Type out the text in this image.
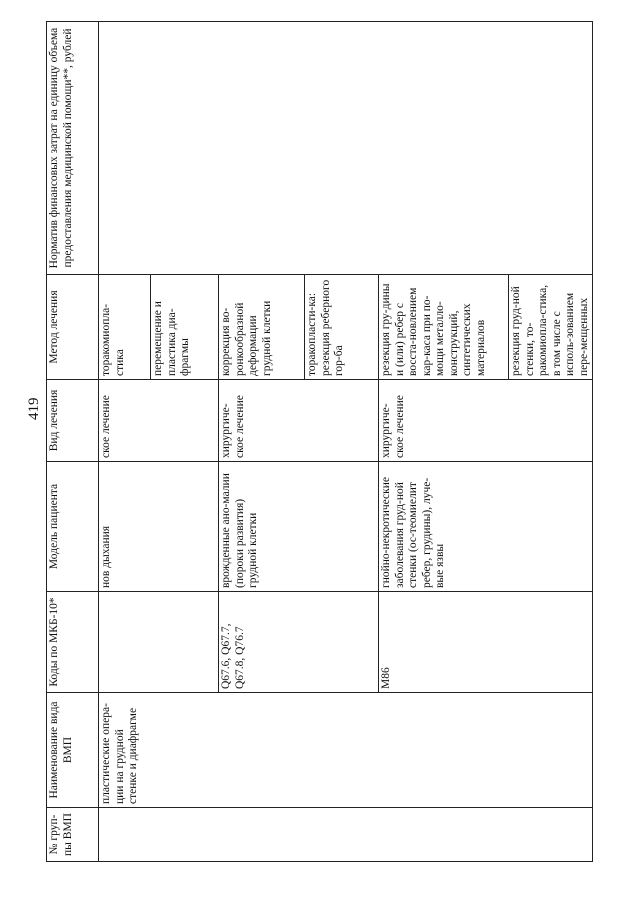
419
№ груп-пы ВМП	Наименование вида ВМП	Коды по МКБ-10*	Модель пациента	Вид лечения	Метод лечения	Норматив финансовых затрат на единицу объема предоставления медицинской помощи**, рублей
	пластические опера-ции на грудной стенке и диафрагме		нов дыхания	ское лечение	торакомиопла-стика	
					перемещение и пластика диа-фрагмы	
		Q67.6, Q67.7, Q67.8, Q76.7	врожденные ано-малии (пороки развития) грудной клетки	хирургиче-ское лечение	коррекция во-ронкообразной деформации грудной клетки	
					торакопласти-ка: резекция реберного гор-ба	
		M86	гнойно-некротические заболевания груд-ной стенки (ос-теомиелит ребер, грудины), луче-вые язвы	хирургиче-ское лечение	резекция гру-дины и (или) ребер с восста-новлением кар-каса при по-мощи металло-конструкций, синтетических материалов	
					резекция груд-ной стенки, то-ракомиопла-стика, в том числе с исполь-зованием пере-мещенных	
